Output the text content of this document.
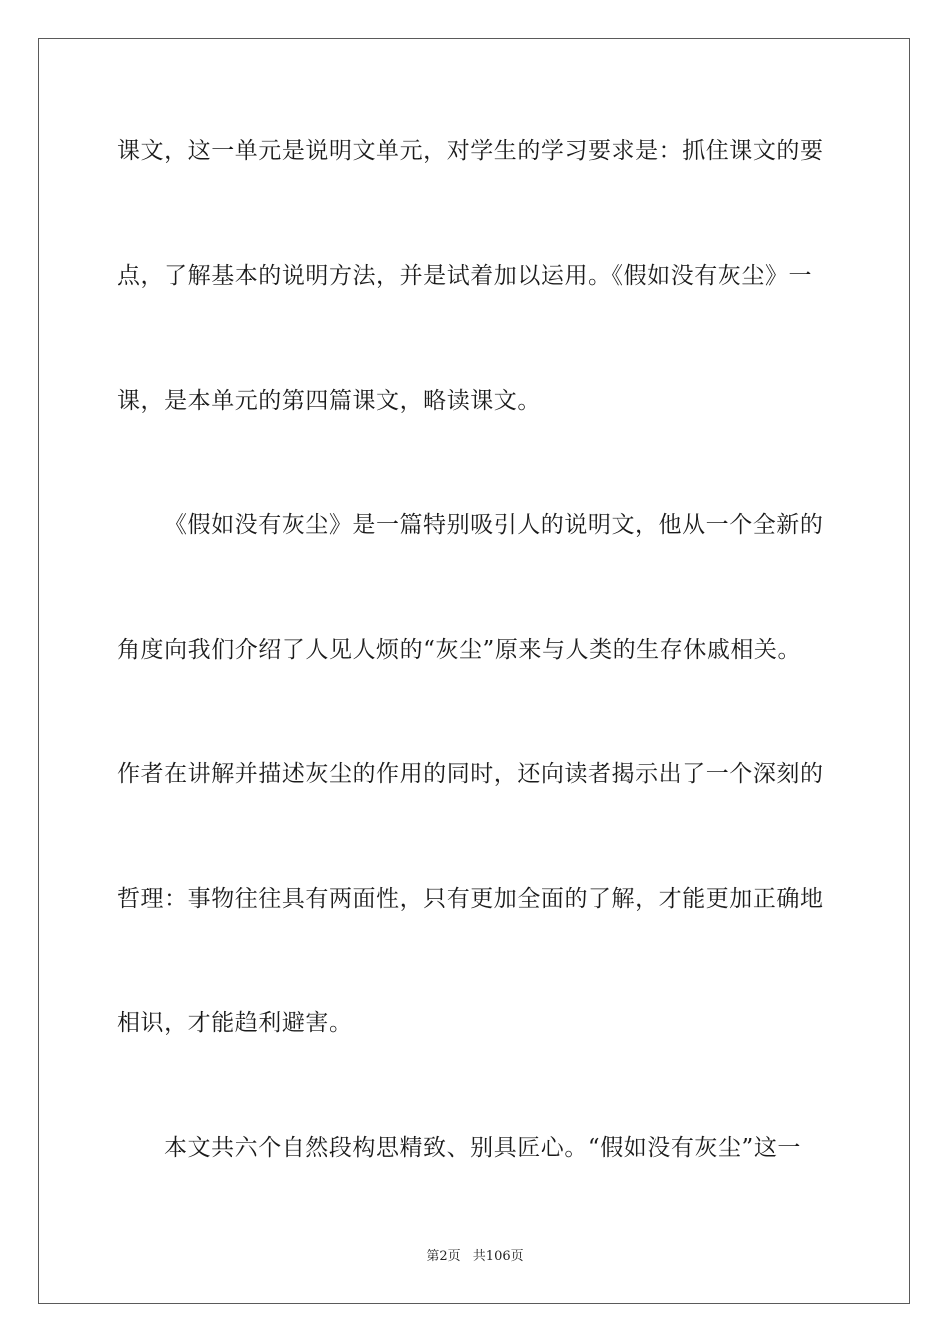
课文，这一单元是说明文单元，对学生的学习要求是：抓住课文的要
点，了解基本的说明方法，并是试着加以运用。《假如没有灰尘》一
课，是本单元的第四篇课文，略读课文。
《假如没有灰尘》是一篇特别吸引人的说明文，他从一个全新的
角度向我们介绍了人见人烦的“灰尘”原来与人类的生存休戚相关。
作者在讲解并描述灰尘的作用的同时，还向读者揭示出了一个深刻的
哲理：事物往往具有两面性，只有更加全面的了解，才能更加正确地
相识，才能趋利避害。
本文共六个自然段构思精致、别具匠心。“假如没有灰尘”这一
第2页 共106页
